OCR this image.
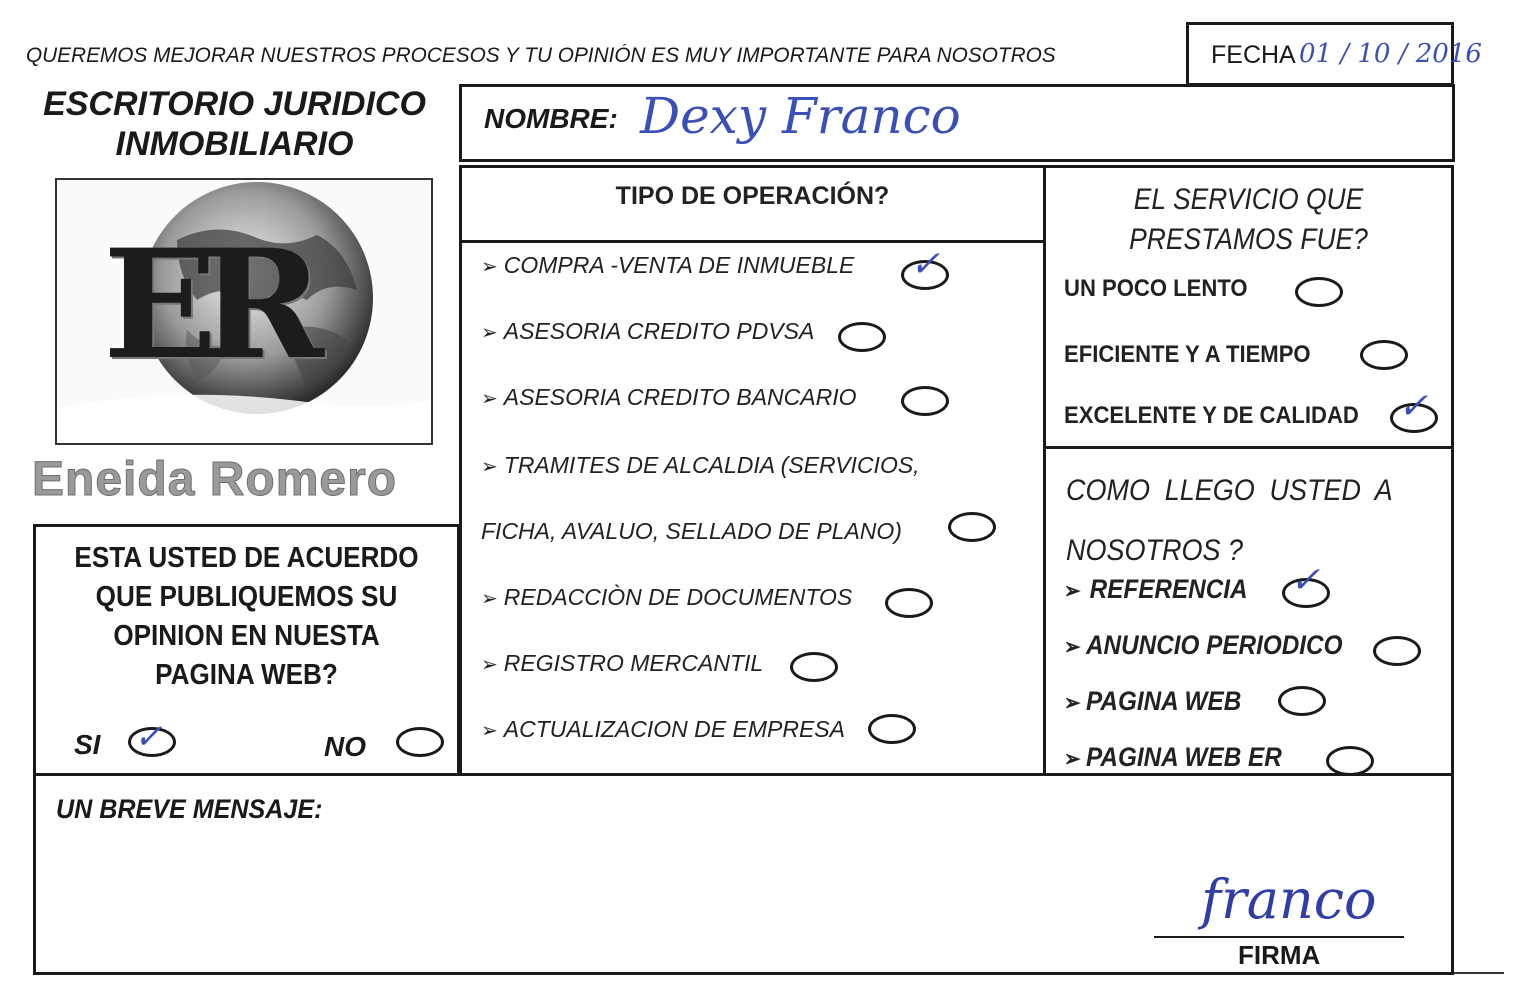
QUEREMOS MEJORAR NUESTROS PROCESOS Y TU OPINIÓN ES MUY IMPORTANTE PARA NOSOTROS	FECHA 01 / 10 / 2016
ESCRITORIO JURIDICO
INMOBILIARIO
ER
Eneida Romero
ESTA USTED DE ACUERDO
QUE PUBLIQUEMOS SU
OPINION EN NUESTA
PAGINA WEB?
SI ✓	NO
NOMBRE: Dexy Franco
TIPO DE OPERACIÓN?
➢ COMPRA -VENTA DE INMUEBLE ✓
➢ ASESORIA CREDITO PDVSA
➢ ASESORIA CREDITO BANCARIO
➢ TRAMITES DE ALCALDIA (SERVICIOS,
FICHA, AVALUO, SELLADO DE PLANO)
➢ REDACCIÒN DE DOCUMENTOS
➢ REGISTRO MERCANTIL
➢ ACTUALIZACION DE EMPRESA
EL SERVICIO QUE
PRESTAMOS FUE?
UN POCO LENTO
EFICIENTE Y A TIEMPO
EXCELENTE Y DE CALIDAD ✓
COMO LLEGO USTED A
NOSOTROS ?
➢ REFERENCIA ✓
➢ ANUNCIO PERIODICO
➢ PAGINA WEB
➢ PAGINA WEB ER
UN BREVE MENSAJE:
franco
FIRMA
